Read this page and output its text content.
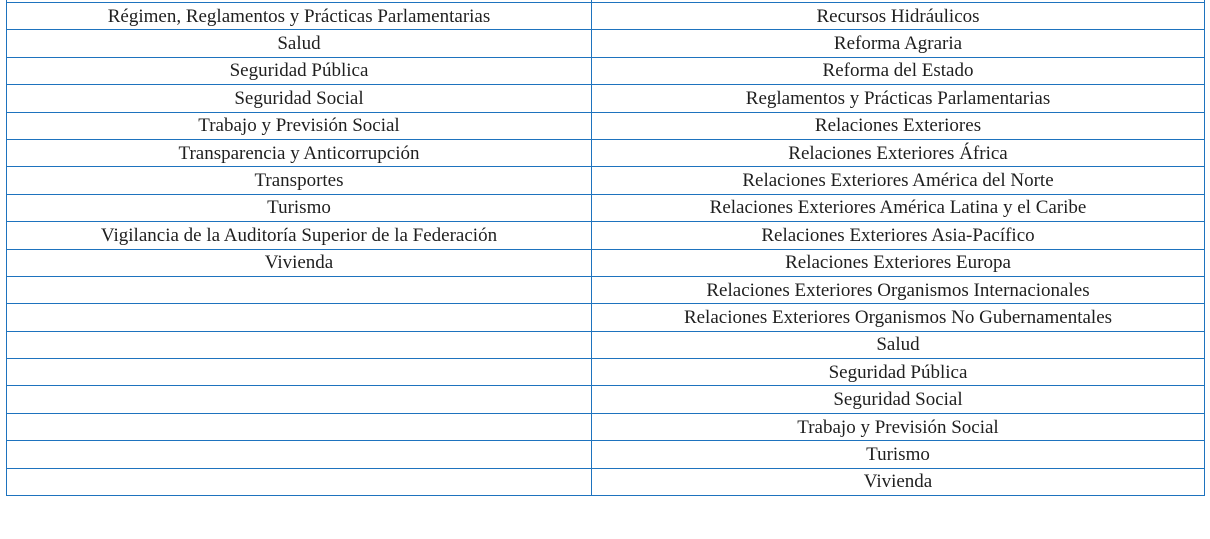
Régimen, Reglamentos y Prácticas Parlamentarias	Recursos Hidráulicos
Salud	Reforma Agraria
Seguridad Pública	Reforma del Estado
Seguridad Social	Reglamentos y Prácticas Parlamentarias
Trabajo y Previsión Social	Relaciones Exteriores
Transparencia y Anticorrupción	Relaciones Exteriores África
Transportes	Relaciones Exteriores América del Norte
Turismo	Relaciones Exteriores América Latina y el Caribe
Vigilancia de la Auditoría Superior de la Federación	Relaciones Exteriores Asia-Pacífico
Vivienda	Relaciones Exteriores Europa
	Relaciones Exteriores Organismos Internacionales
	Relaciones Exteriores Organismos No Gubernamentales
	Salud
	Seguridad Pública
	Seguridad Social
	Trabajo y Previsión Social
	Turismo
	Vivienda
